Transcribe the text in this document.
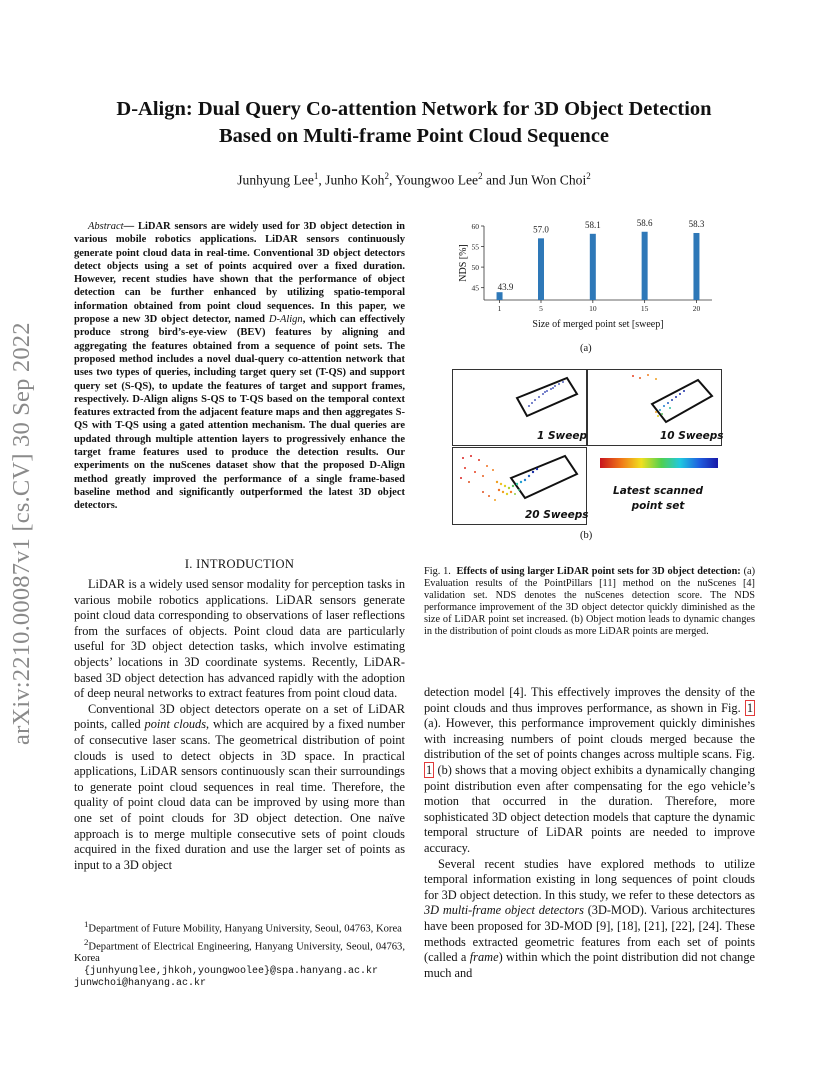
arXiv:2210.00087v1 [cs.CV] 30 Sep 2022
D-Align: Dual Query Co-attention Network for 3D Object Detection
Based on Multi-frame Point Cloud Sequence
Junhyung Lee$^1$, Junho Koh$^2$, Youngwoo Lee$^2$ and Jun Won Choi$^2$
Abstract— LiDAR sensors are widely used for 3D object detection in various mobile robotics applications. LiDAR sensors continuously generate point cloud data in real-time. Conventional 3D object detectors detect objects using a set of points acquired over a fixed duration. However, recent studies have shown that the performance of object detection can be further enhanced by utilizing spatio-temporal information obtained from point cloud sequences. In this paper, we propose a new 3D object detector, named D-Align, which can effectively produce strong bird’s-eye-view (BEV) features by aligning and aggregating the features obtained from a sequence of point sets. The proposed method includes a novel dual-query co-attention network that uses two types of queries, including target query set (T-QS) and support query set (S-QS), to update the features of target and support frames, respectively. D-Align aligns S-QS to T-QS based on the temporal context features extracted from the adjacent feature maps and then aggregates S-QS with T-QS using a gated attention mechanism. The dual queries are updated through multiple attention layers to progressively enhance the target frame features used to produce the detection results. Our experiments on the nuScenes dataset show that the proposed D-Align method greatly improved the performance of a single frame-based baseline method and significantly outperformed the latest 3D object detectors.
I. INTRODUCTION

LiDAR is a widely used sensor modality for perception tasks in various mobile robotics applications. LiDAR sensors generate point cloud data corresponding to observations of laser reflections from the surfaces of objects. Point cloud data are particularly useful for 3D object detection tasks, which involve estimating objects’ locations in 3D coordinate systems. Recently, LiDAR-based 3D object detection has advanced rapidly with the adoption of deep neural networks to extract features from point cloud data.

Conventional 3D object detectors operate on a set of LiDAR points, called point clouds, which are acquired by a fixed number of consecutive laser scans. The geometrical distribution of point clouds is used to detect objects in 3D space. In practical applications, LiDAR sensors continuously scan their surroundings to generate point cloud sequences in real time. Therefore, the quality of point cloud data can be improved by using more than one set of point clouds for 3D object detection. One naïve approach is to merge multiple consecutive sets of point clouds acquired in the fixed duration and use the larger set of points as input to a 3D object

$^1$Department of Future Mobility, Hanyang University, Seoul, 04763, Korea

$^2$Department of Electrical Engineering, Hanyang University, Seoul, 04763, Korea

{junhyunglee,jhkoh,youngwoolee}@spa.hanyang.ac.kr

junwchoi@hanyang.ac.kr

45
50
55
60
43.9
57.0	58.1	58.6	58.3
1	5	10	15	20
Size of merged point set [sweep]
NDS [%]
(a)
1 Sweep	10 Sweeps
20 Sweeps
Latest scanned
point set
(b)
Fig. 1. Effects of using larger LiDAR point sets for 3D object detection: (a) Evaluation results of the PointPillars [11] method on the nuScenes [4] validation set. NDS denotes the nuScenes detection score. The NDS performance improvement of the 3D object detector quickly diminished as the size of LiDAR point set increased. (b) Object motion leads to dynamic changes in the distribution of point clouds as more LiDAR points are merged.

detection model [4]. This effectively improves the density of the point clouds and thus improves performance, as shown in Fig. 1 (a). However, this performance improvement quickly diminishes with increasing numbers of point clouds merged because the distribution of the set of points changes across multiple scans. Fig. 1 (b) shows that a moving object exhibits a dynamically changing point distribution even after compensating for the ego vehicle’s motion that occurred in the duration. Therefore, more sophisticated 3D object detection models that capture the dynamic temporal structure of LiDAR points are needed to improve accuracy.

Several recent studies have explored methods to utilize temporal information existing in long sequences of point clouds for 3D object detection. In this study, we refer to these detectors as 3D multi-frame object detectors (3D-MOD). Various architectures have been proposed for 3D-MOD [9], [18], [21], [22], [24]. These methods extracted geometric features from each set of points (called a frame) within which the point distribution did not change much and
